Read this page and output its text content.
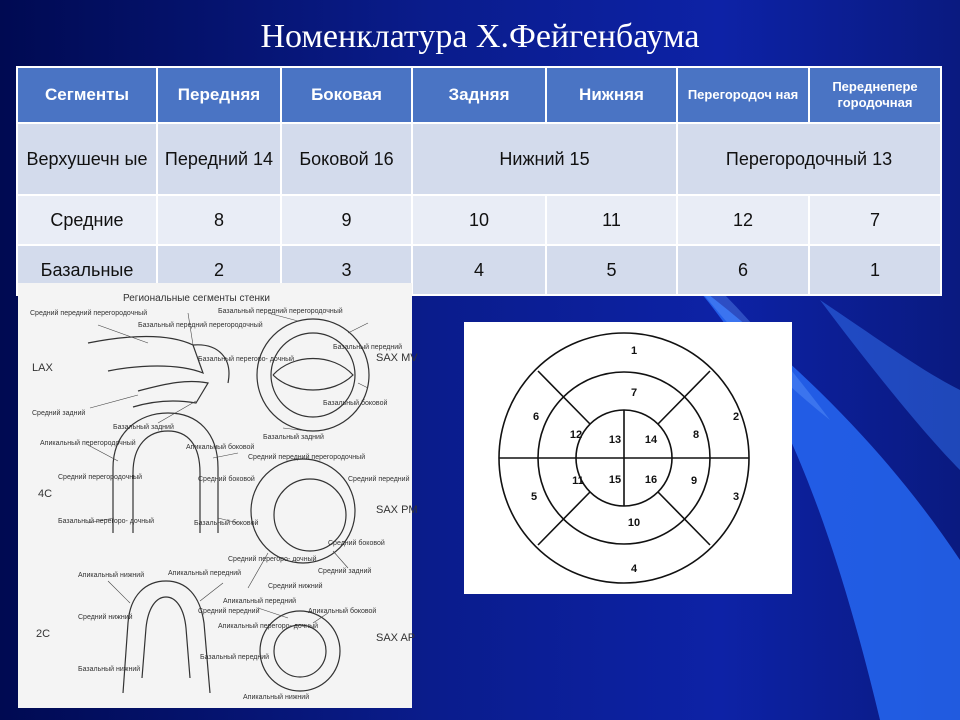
Номенклатура Х.Фейгенбаума
Сегменты	Передняя	Боковая	Задняя	Нижняя	Перегородоч ная	Переднепере городочная
Верхушечн ые	Передний 14	Боковой 16	Нижний 15		Перегородочный 13	
Средние	8	9	10	11	12	7
Базальные	2	3	4	5	6	1
Региональные сегменты стенки
LAX
SAX MV
4C
SAX PM
2C	SAX AP
Средний передний перегородочный
Базальный передний перегородочный
Средний задний
Базальный задний
Базальный передний перегородочный
Базальный передний
Базальный перегоро- дочный
Базальный боковой
Базальный задний
Апикальный перегородочный
Апикальный боковой
Средний перегородочный	Средний боковой
Базальный перегоро- дочный	Базальный боковой
Средний передний перегородочный
Средний передний
Средний боковой
Средний перегоро- дочный
Средний задний
Средний нижний
Апикальный нижний	Апикальный передний
Средний нижний
Средний передний
Базальный нижний
Базальный передний
Апикальный передний
Апикальный перегоро- дочный
Апикальный боковой
Апикальный нижний
1
2
3
4
5
6
7
8
9
10
11
12 13 14
15 16
